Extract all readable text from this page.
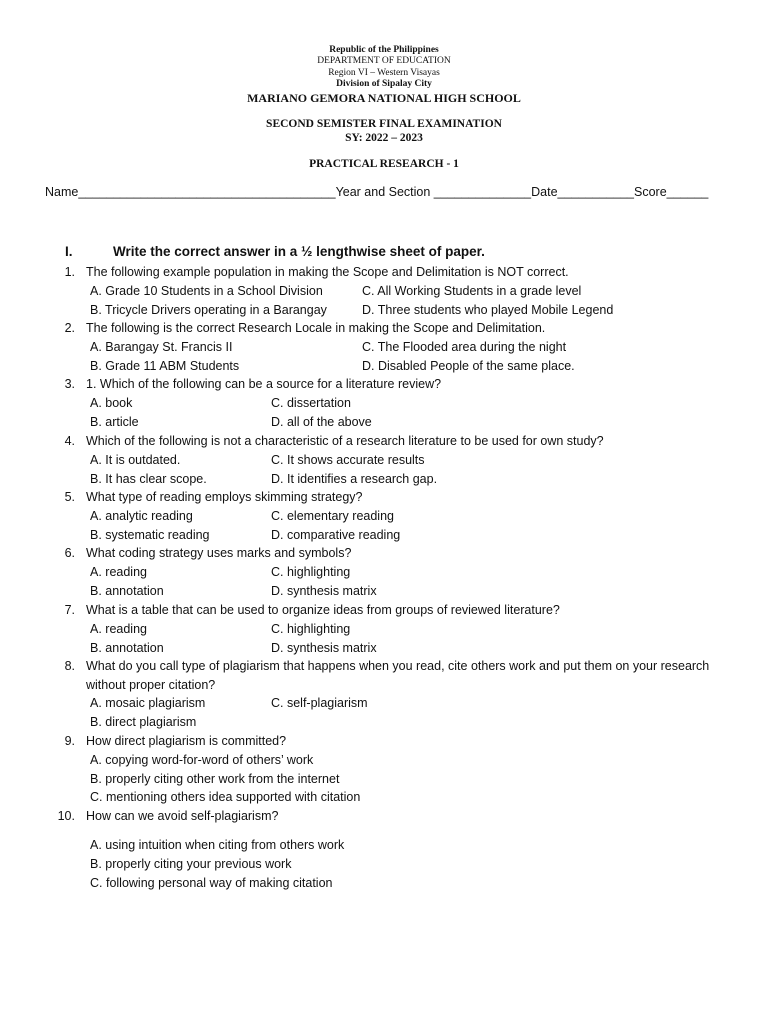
Republic of the Philippines
DEPARTMENT OF EDUCATION
Region VI – Western Visayas
Division of Sipalay City
MARIANO GEMORA NATIONAL HIGH SCHOOL
SECOND SEMISTER FINAL EXAMINATION
SY: 2022 – 2023
PRACTICAL RESEARCH - 1
Name_____________________________________Year and Section ______________Date___________Score______
I.	Write the correct answer in a ½ lengthwise sheet of paper.
1. The following example population in making the Scope and Delimitation is NOT correct.
A. Grade 10 Students in a School Division	C. All Working Students in a grade level
B. Tricycle Drivers operating in a Barangay	D. Three students who played Mobile Legend
2. The following is the correct Research Locale in making the Scope and Delimitation.
A. Barangay St. Francis II	C. The Flooded area during the night
B. Grade 11 ABM Students	D. Disabled People of the same place.
3. 1. Which of the following can be a source for a literature review?
A. book	C. dissertation
B. article	D. all of the above
4. Which of the following is not a characteristic of a research literature to be used for own study?
A. It is outdated.	C. It shows accurate results
B. It has clear scope.	D. It identifies a research gap.
5. What type of reading employs skimming strategy?
A. analytic reading	C. elementary reading
B. systematic reading	D. comparative reading
6. What coding strategy uses marks and symbols?
A. reading	C. highlighting
B. annotation	D. synthesis matrix
7. What is a table that can be used to organize ideas from groups of reviewed literature?
A. reading	C. highlighting
B. annotation	D. synthesis matrix
8. What do you call type of plagiarism that happens when you read, cite others work and put them on your research
without proper citation?
A. mosaic plagiarism	C. self-plagiarism
B. direct plagiarism
9. How direct plagiarism is committed?
A. copying word-for-word of others’ work
B. properly citing other work from the internet
C. mentioning others idea supported with citation
10. How can we avoid self-plagiarism?
A. using intuition when citing from others work
B. properly citing your previous work
C. following personal way of making citation
